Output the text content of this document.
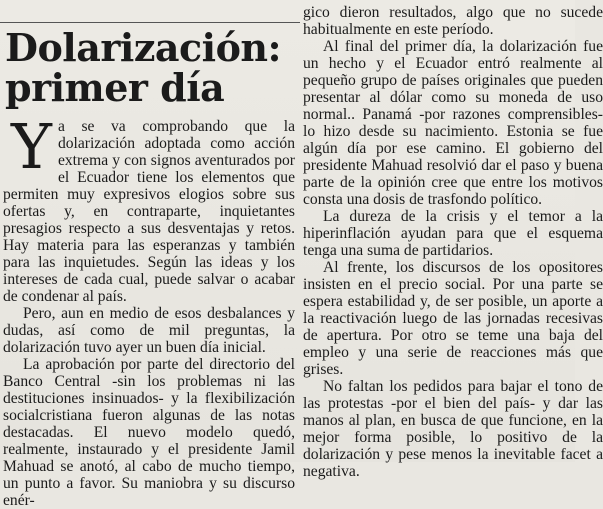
Dolarización:
primer día

Ya se va comprobando que la dolarización adoptada como acción extrema y con signos aventurados por el Ecuador tiene los elementos que permiten muy expresivos elogios sobre sus ofertas y, en contraparte, inquietantes presagios respecto a sus desventajas y retos. Hay materia para las esperanzas y también para las inquietudes. Según las ideas y los intereses de cada cual, puede salvar o acabar de condenar al país.

Pero, aun en medio de esos desbalances y dudas, así como de mil preguntas, la dolarización tuvo ayer un buen día inicial.

La aprobación por parte del directorio del Banco Central -sin los problemas ni las destituciones insinuados- y la flexibilización socialcristiana fueron algunas de las notas destacadas. El nuevo modelo quedó, realmente, instaurado y el presidente Jamil Mahuad se anotó, al cabo de mucho tiempo, un punto a favor. Su maniobra y su discurso enér-

gico dieron resultados, algo que no sucede habitualmente en este período.

Al final del primer día, la dolarización fue un hecho y el Ecuador entró realmente al pequeño grupo de países originales que pueden presentar al dólar como su moneda de uso normal.. Panamá -por razones comprensibles- lo hizo desde su nacimiento. Estonia se fue algún día por ese camino. El gobierno del presidente Mahuad resolvió dar el paso y buena parte de la opinión cree que entre los motivos consta una dosis de trasfondo político.

La dureza de la crisis y el temor a la hiperinflación ayudan para que el esquema tenga una suma de partidarios.

Al frente, los discursos de los opositores insisten en el precio social. Por una parte se espera estabilidad y, de ser posible, un aporte a la reactivación luego de las jornadas recesivas de apertura. Por otro se teme una baja del empleo y una serie de reacciones más que grises.

No faltan los pedidos para bajar el tono de las protestas -por el bien del país- y dar las manos al plan, en busca de que funcione, en la mejor forma posible, lo positivo de la dolarización y pese menos la inevitable facet a negativa.
